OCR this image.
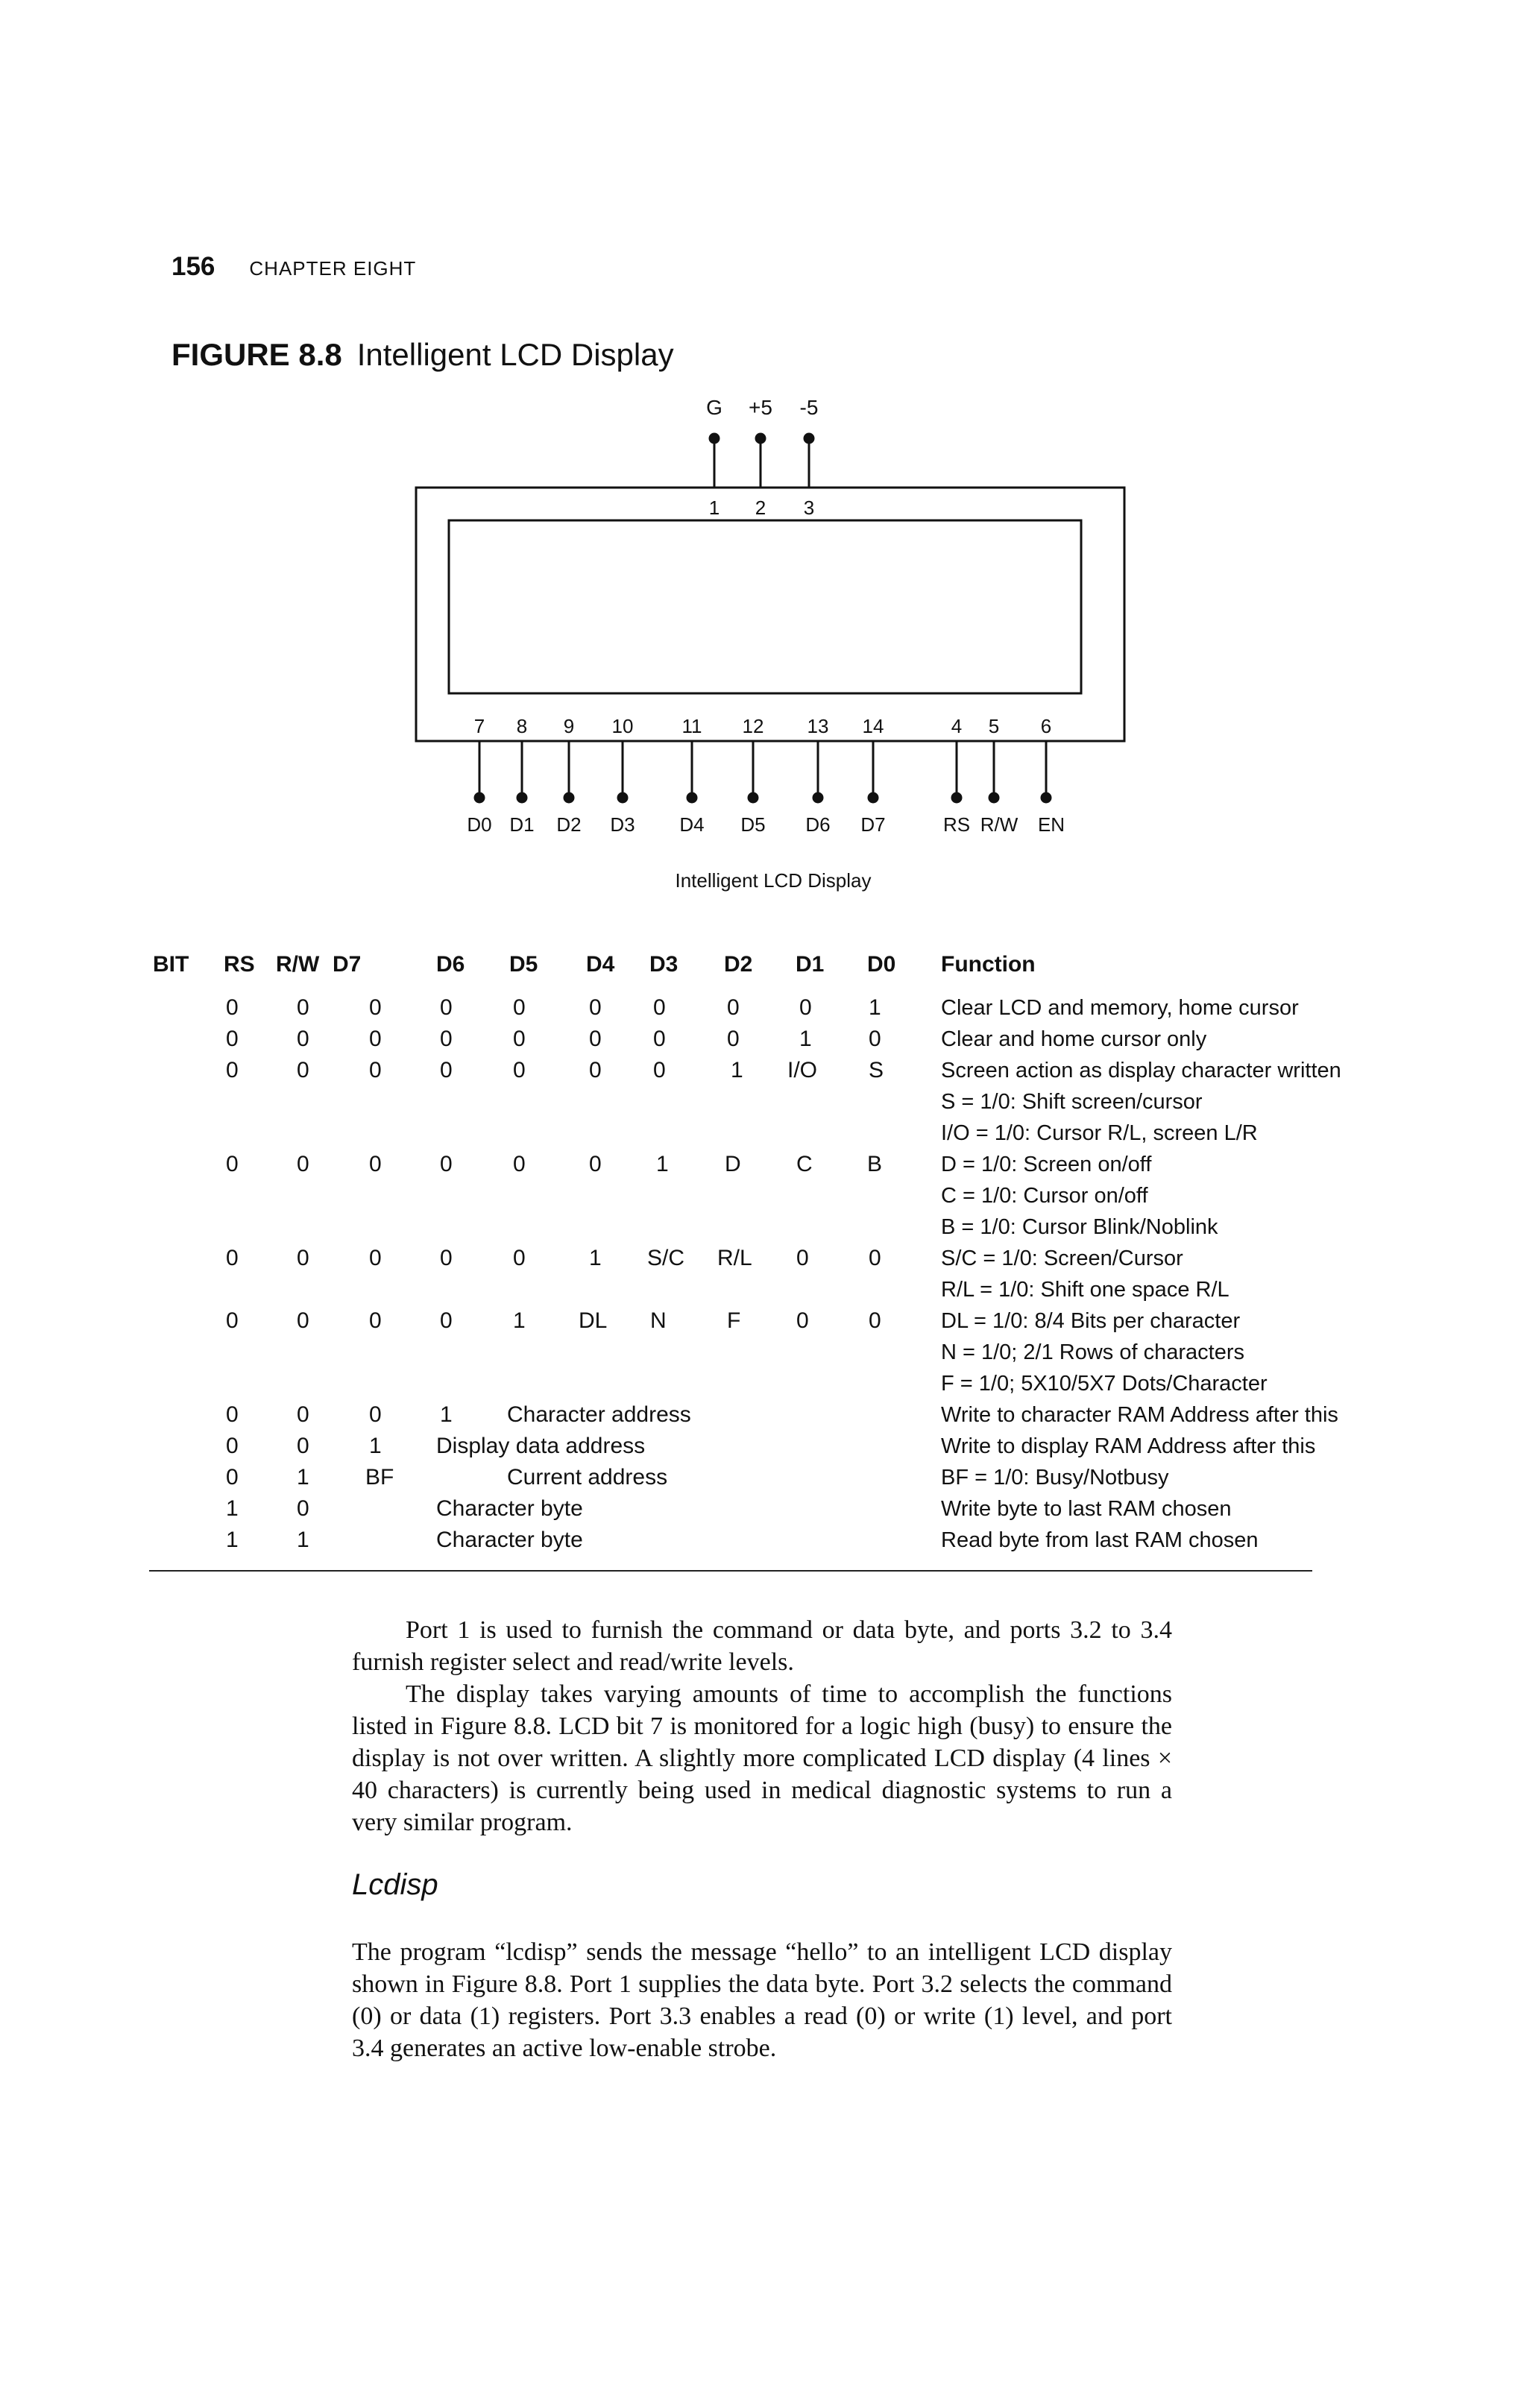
156 CHAPTER EIGHT
FIGURE 8.8 Intelligent LCD Display
G +5 -5
1 2 3
7 8 9 10	11 12 13 14	4 5 6
D0 D1 D2 D3 D4 D5 D6 D7	RS R/W EN
Intelligent LCD Display
BIT RS R/W D7	D6 D5 D4 D3 D2 D1 D0 Function
0	0	0	0	0	0 0	0	0	1	Clear LCD and memory, home cursor
0	0	0	0	0	0 0	0	1	0	Clear and home cursor only
0	0	0	0	0	0 0	1 I/O S	Screen action as display character written
S = 1/0: Shift screen/cursor
I/O = 1/0: Cursor R/L, screen L/R
0	0	0	0	0	0 1	D C B	D = 1/0: Screen on/off
C = 1/0: Cursor on/off
B = 1/0: Cursor Blink/Noblink
0	0	0	0	0	1 S/C R/L 0	0	S/C = 1/0: Screen/Cursor
R/L = 1/0: Shift one space R/L
0	0	0	0	1 DL N	F 0	0	DL = 1/0: 8/4 Bits per character
N = 1/0; 2/1 Rows of characters
F = 1/0; 5X10/5X7 Dots/Character
0	0	0	1 Character address	Write to character RAM Address after this
0	0	1 Display data address	Write to display RAM Address after this
0	1	BF	Current address	BF = 1/0: Busy/Notbusy
1	0	Character byte	Write byte to last RAM chosen
1	1	Character byte	Read byte from last RAM chosen

Port 1 is used to furnish the command or data byte, and ports 3.2 to 3.4 furnish register select and read/write levels.

The display takes varying amounts of time to accomplish the functions listed in Figure 8.8. LCD bit 7 is monitored for a logic high (busy) to ensure the display is not over written. A slightly more complicated LCD display (4 lines × 40 characters) is currently being used in medical diagnostic systems to run a very similar program.

Lcdisp

The program “lcdisp” sends the message “hello” to an intelligent LCD display shown in Figure 8.8. Port 1 supplies the data byte. Port 3.2 selects the command (0) or data (1) registers. Port 3.3 enables a read (0) or write (1) level, and port 3.4 generates an active low-enable strobe.
